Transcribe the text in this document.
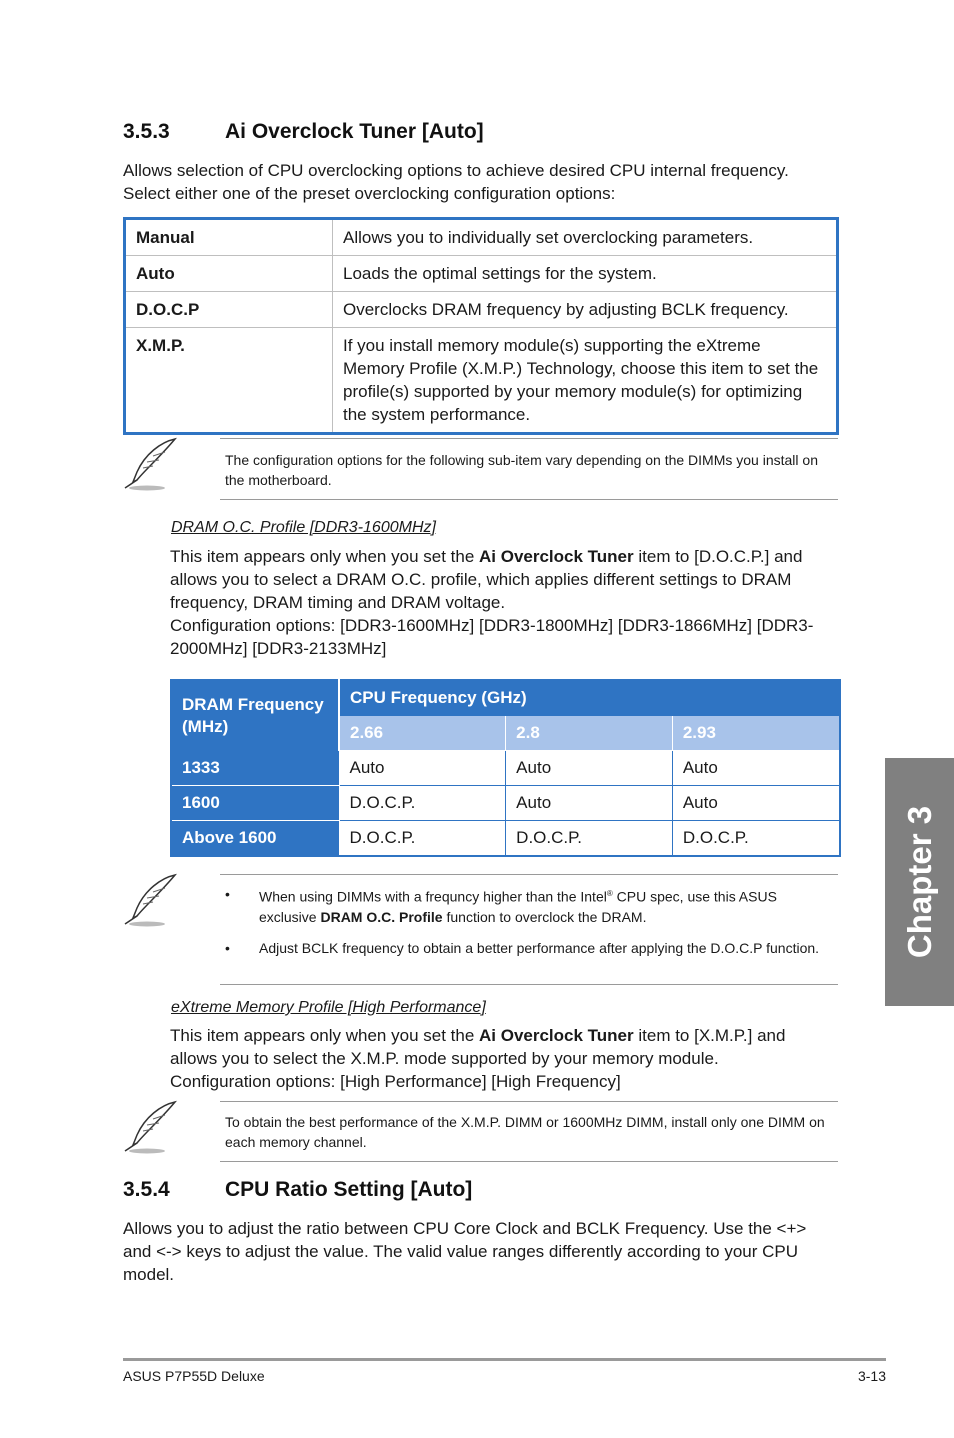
3.5.3	Ai Overclock Tuner [Auto]

Allows selection of CPU overclocking options to achieve desired CPU internal frequency. Select either one of the preset overclocking configuration options:

Manual	Allows you to individually set overclocking parameters.
Auto	Loads the optimal settings for the system.
D.O.C.P	Overclocks DRAM frequency by adjusting BCLK frequency.
X.M.P.	If you install memory module(s) supporting the eXtreme Memory Profile (X.M.P.) Technology, choose this item to set the profile(s) supported by your memory module(s) for optimizing the system performance.
The configuration options for the following sub-item vary depending on the DIMMs you install on the motherboard.
DRAM O.C. Profile [DDR3-1600MHz]

This item appears only when you set the Ai Overclock Tuner item to [D.O.C.P.] and allows you to select a DRAM O.C. profile, which applies different settings to DRAM frequency, DRAM timing and DRAM voltage.

Configuration options: [DDR3-1600MHz] [DDR3-1800MHz] [DDR3-1866MHz] [DDR3-2000MHz] [DDR3-2133MHz]

DRAM Frequency (MHz)	CPU Frequency (GHz)		
	2.66	2.8	2.93
1333	Auto	Auto	Auto
1600	D.O.C.P.	Auto	Auto
Above 1600	D.O.C.P.	D.O.C.P.	D.O.C.P.
• When using DIMMs with a frequncy higher than the Intel® CPU spec, use this ASUS exclusive DRAM O.C. Profile function to overclock the DRAM.
• Adjust BCLK frequency to obtain a better performance after applying the D.O.C.P function.
eXtreme Memory Profile [High Performance]

This item appears only when you set the Ai Overclock Tuner item to [X.M.P.] and allows you to select the X.M.P. mode supported by your memory module.

Configuration options: [High Performance] [High Frequency]

To obtain the best performance of the X.M.P. DIMM or 1600MHz DIMM, install only one DIMM on each memory channel.
3.5.4	CPU Ratio Setting [Auto]

Allows you to adjust the ratio between CPU Core Clock and BCLK Frequency. Use the <+> and <-> keys to adjust the value. The valid value ranges differently according to your CPU model.

Chapter 3
ASUS P7P55D Deluxe	3-13
